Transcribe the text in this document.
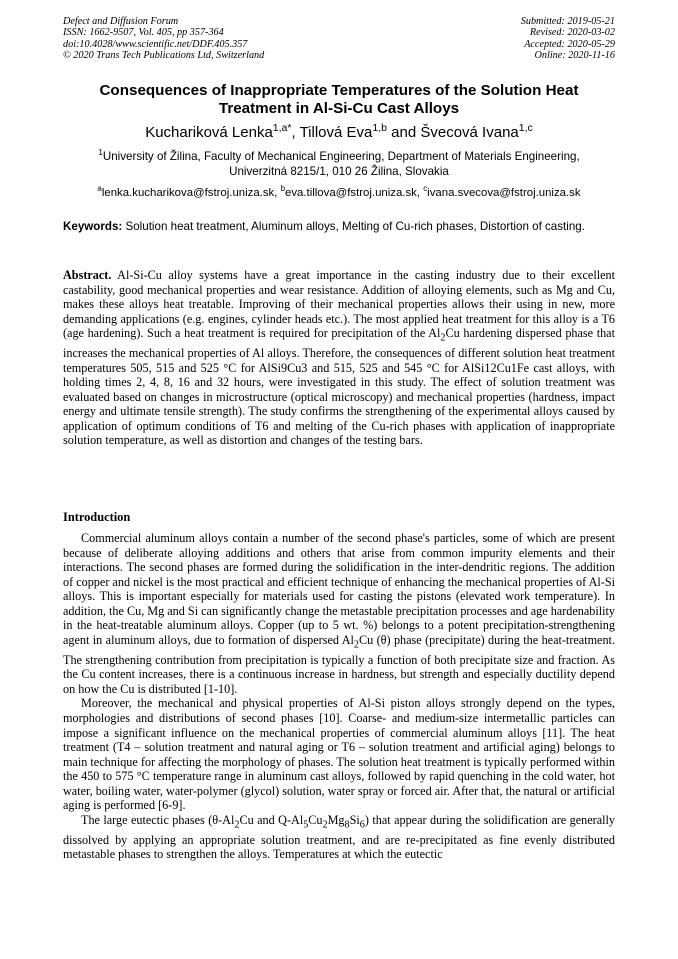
Defect and Diffusion Forum
ISSN: 1662-9507, Vol. 405, pp 357-364
doi:10.4028/www.scientific.net/DDF.405.357
© 2020 Trans Tech Publications Ltd, Switzerland
Submitted: 2019-05-21
Revised: 2020-03-02
Accepted: 2020-05-29
Online: 2020-11-16
Consequences of Inappropriate Temperatures of the Solution Heat
Treatment in Al-Si-Cu Cast Alloys
Kuchariková Lenka$^{1,a*}$, Tillová Eva$^{1,b}$ and Švecová Ivana$^{1,c}$
$^1$University of Žilina, Faculty of Mechanical Engineering, Department of Materials Engineering,
Univerzitná 8215/1, 010 26 Žilina, Slovakia
$^a$lenka.kucharikova@fstroj.uniza.sk, $^b$eva.tillova@fstroj.uniza.sk, $^c$ivana.svecova@fstroj.uniza.sk
Keywords: Solution heat treatment, Aluminum alloys, Melting of Cu-rich phases, Distortion of casting.
Abstract. Al-Si-Cu alloy systems have a great importance in the casting industry due to their excellent castability, good mechanical properties and wear resistance. Addition of alloying elements, such as Mg and Cu, makes these alloys heat treatable. Improving of their mechanical properties allows their using in new, more demanding applications (e.g. engines, cylinder heads etc.). The most applied heat treatment for this alloy is a T6 (age hardening). Such a heat treatment is required for precipitation of the $Al_2Cu$ hardening dispersed phase that increases the mechanical properties of Al alloys. Therefore, the consequences of different solution heat treatment temperatures 505, 515 and 525 °C for AlSi9Cu3 and 515, 525 and 545 °C for AlSi12Cu1Fe cast alloys, with holding times 2, 4, 8, 16 and 32 hours, were investigated in this study. The effect of solution treatment was evaluated based on changes in microstructure (optical microscopy) and mechanical properties (hardness, impact energy and ultimate tensile strength). The study confirms the strengthening of the experimental alloys caused by application of optimum conditions of T6 and melting of the Cu-rich phases with application of inappropriate solution temperature, as well as distortion and changes of the testing bars.
Introduction

Commercial aluminum alloys contain a number of the second phase's particles, some of which are present because of deliberate alloying additions and others that arise from common impurity elements and their interactions. The second phases are formed during the solidification in the inter-dendritic regions. The addition of copper and nickel is the most practical and efficient technique of enhancing the mechanical properties of Al-Si alloys. This is important especially for materials used for casting the pistons (elevated work temperature). In addition, the Cu, Mg and Si can significantly change the metastable precipitation processes and age hardenability in the heat-treatable aluminum alloys. Copper (up to 5 wt. %) belongs to a potent precipitation-strengthening agent in aluminum alloys, due to formation of dispersed $Al_2Cu$ (θ) phase (precipitate) during the heat-treatment. The strengthening contribution from precipitation is typically a function of both precipitate size and fraction. As the Cu content increases, there is a continuous increase in hardness, but strength and especially ductility depend on how the Cu is distributed [1-10].

Moreover, the mechanical and physical properties of Al-Si piston alloys strongly depend on the types, morphologies and distributions of second phases [10]. Coarse- and medium-size intermetallic particles can impose a significant influence on the mechanical properties of commercial aluminum alloys [11]. The heat treatment (T4 – solution treatment and natural aging or T6 – solution treatment and artificial aging) belongs to main technique for affecting the morphology of phases. The solution heat treatment is typically performed within the 450 to 575 °C temperature range in aluminum cast alloys, followed by rapid quenching in the cold water, hot water, boiling water, water-polymer (glycol) solution, water spray or forced air. After that, the natural or artificial aging is performed [6-9].

The large eutectic phases ($\theta-Al_2Cu$ and $Q-Al_5Cu_2Mg_8Si_6$) that appear during the solidification are generally dissolved by applying an appropriate solution treatment, and are re-precipitated as fine evenly distributed metastable phases to strengthen the alloys. Temperatures at which the eutectic
